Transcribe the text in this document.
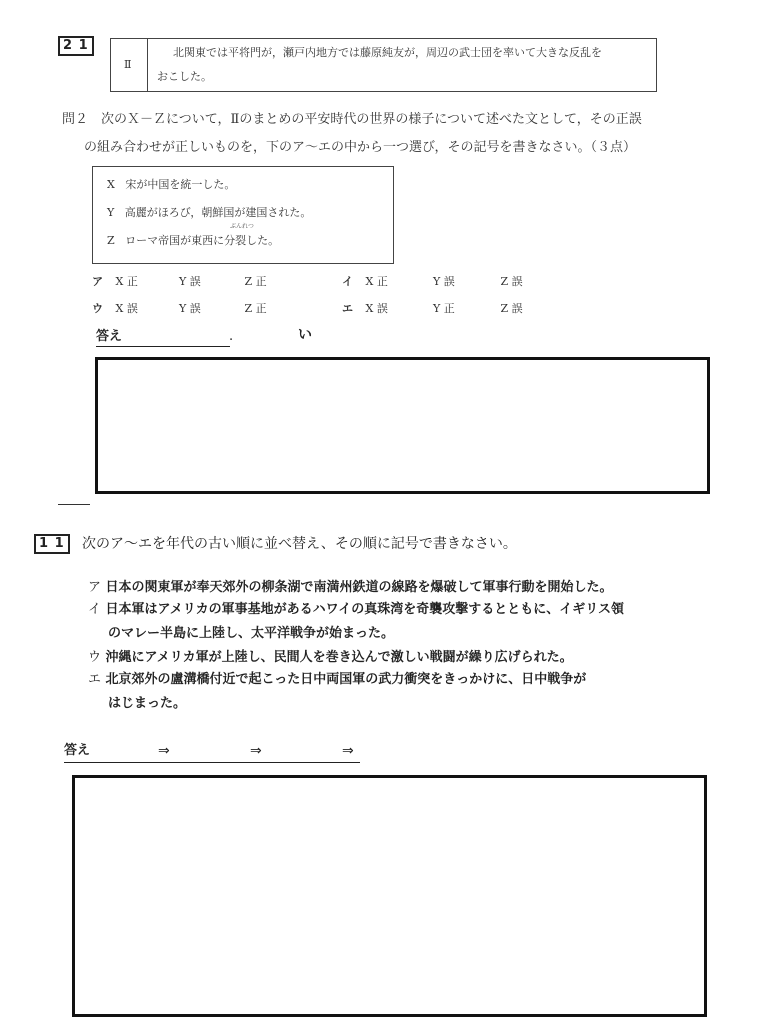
2 1
Ⅱ
北関東では平将門が，瀬戸内地方では藤原純友が，周辺の武士団を率いて大きな反乱を
おこした。
問２　次のＸ－Ｚについて，Ⅱのまとめの平安時代の世界の様子について述べた文として，その正誤
の組み合わせが正しいものを，下のア～エの中から一つ選び，その記号を書きなさい。（３点）
X 宋が中国を統一した。
Y 高麗がほろび，朝鮮国が建国された。
ぶんれつ
Z ローマ帝国が東西に分裂した。
ア X 正	Y 誤	Z 正	イ X 正	Y 誤	Z 誤
ウ X 誤	Y 誤	Z 正	エ X 誤	Y 正	Z 誤
答え	.	い
1 1	次のア～エを年代の古い順に並べ替え、その順に記号で書きなさい。
ア 日本の関東軍が奉天郊外の柳条湖で南満州鉄道の線路を爆破して軍事行動を開始した。
イ 日本軍はアメリカの軍事基地があるハワイの真珠湾を奇襲攻撃するとともに、イギリス領
のマレー半島に上陸し、太平洋戦争が始まった。
ウ 沖縄にアメリカ軍が上陸し、民間人を巻き込んで激しい戦闘が繰り広げられた。
エ 北京郊外の盧溝橋付近で起こった日中両国軍の武力衝突をきっかけに、日中戦争が
はじまった。
答え	⇒	⇒	⇒
